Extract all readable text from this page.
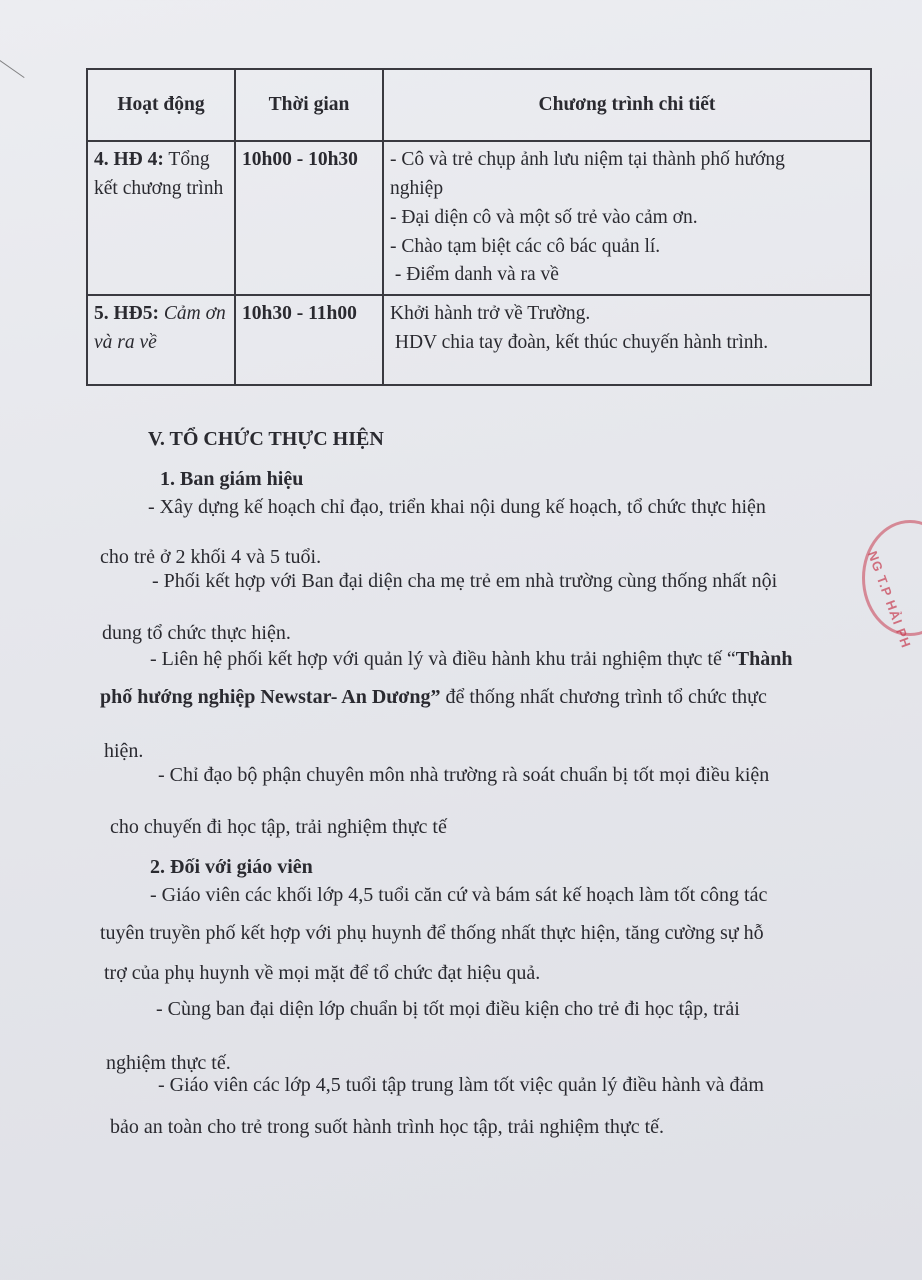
Hoạt động	Thời gian	Chương trình chi tiết
4. HĐ 4: Tổng kết chương trình	10h00 - 10h30	- Cô và trẻ chụp ảnh lưu niệm tại thành phố hướng
nghiệp
- Đại diện cô và một số trẻ vào cảm ơn.
- Chào tạm biệt các cô bác quản lí.
- Điểm danh và ra về

5. HĐ5: Cảm ơn và ra về	10h30 - 11h00	Khởi hành trở về Trường.
HDV chia tay đoàn, kết thúc chuyến hành trình.
V. TỔ CHỨC THỰC HIỆN
1. Ban giám hiệu
- Xây dựng kế hoạch chỉ đạo, triển khai nội dung kế hoạch, tổ chức thực hiện
cho trẻ ở 2 khối 4 và 5 tuổi.
- Phối kết hợp với Ban đại diện cha mẹ trẻ em nhà trường cùng thống nhất nội
dung tổ chức thực hiện.
- Liên hệ phối kết hợp với quản lý và điều hành khu trải nghiệm thực tế “Thành
phố hướng nghiệp Newstar- An Dương” để thống nhất chương trình tổ chức thực
hiện.
- Chỉ đạo bộ phận chuyên môn nhà trường rà soát chuẩn bị tốt mọi điều kiện
cho chuyến đi học tập, trải nghiệm thực tế
2. Đối với giáo viên
- Giáo viên các khối lớp 4,5 tuổi căn cứ và bám sát kế hoạch làm tốt công tác
tuyên truyền phố kết hợp với phụ huynh để thống nhất thực hiện, tăng cường sự hỗ
trợ của phụ huynh về mọi mặt để tổ chức đạt hiệu quả.
- Cùng ban đại diện lớp chuẩn bị tốt mọi điều kiện cho trẻ đi học tập, trải
nghiệm thực tế.
- Giáo viên các lớp 4,5 tuổi tập trung làm tốt việc quản lý điều hành và đảm
bảo an toàn cho trẻ trong suốt hành trình học tập, trải nghiệm thực tế.
NG T.P HẢI PH
